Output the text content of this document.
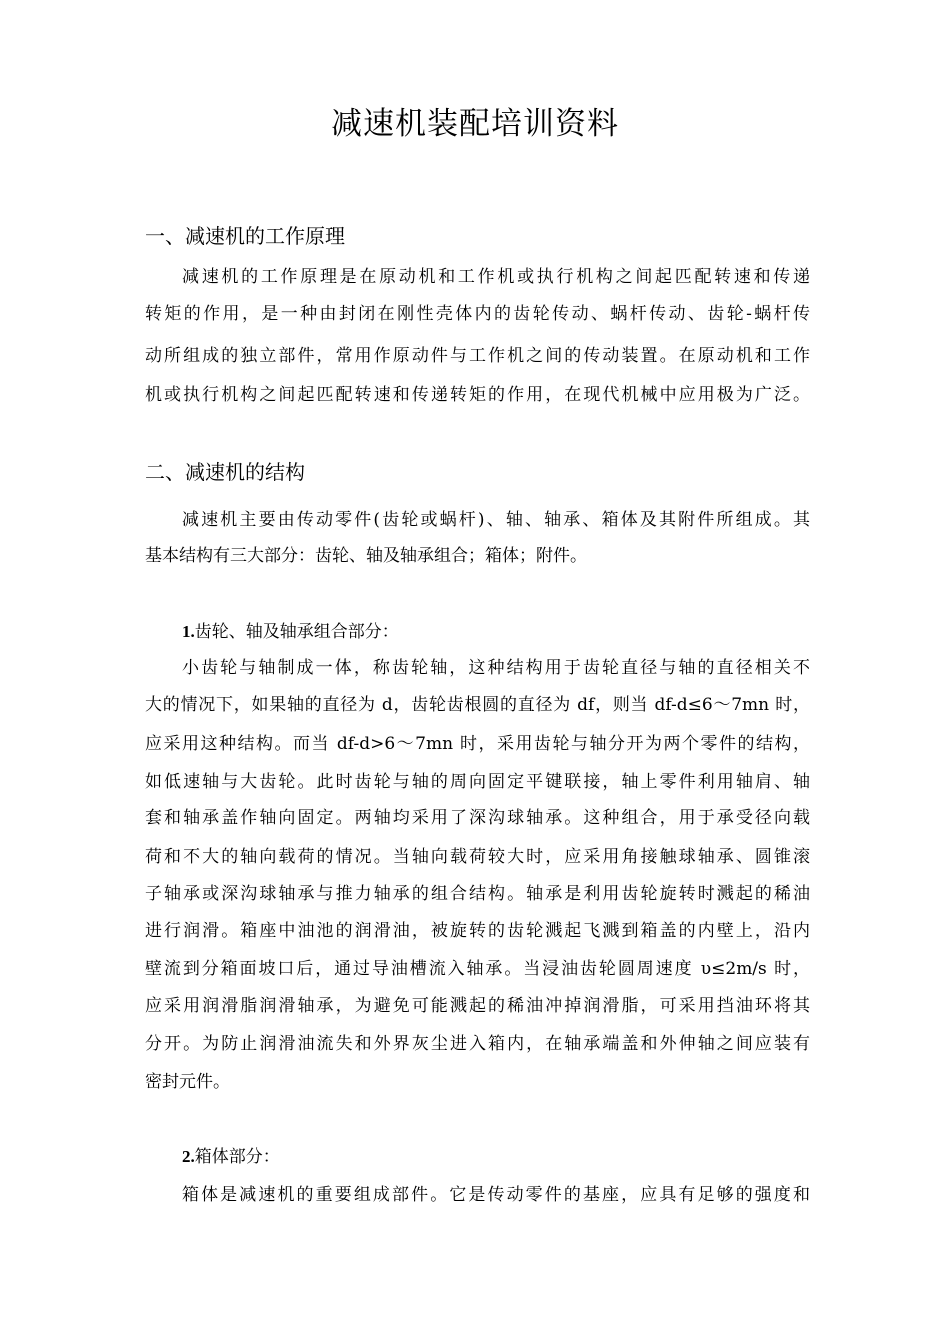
减速机装配培训资料
一、减速机的工作原理
减速机的工作原理是在原动机和工作机或执行机构之间起匹配转速和传递
转矩的作用，是一种由封闭在刚性壳体内的齿轮传动、蜗杆传动、齿轮-蜗杆传
动所组成的独立部件，常用作原动件与工作机之间的传动装置。在原动机和工作
机或执行机构之间起匹配转速和传递转矩的作用，在现代机械中应用极为广泛。
二、减速机的结构
减速机主要由传动零件(齿轮或蜗杆)、轴、轴承、箱体及其附件所组成。其
基本结构有三大部分：齿轮、轴及轴承组合；箱体；附件。
1.齿轮、轴及轴承组合部分：
小齿轮与轴制成一体，称齿轮轴，这种结构用于齿轮直径与轴的直径相关不
大的情况下，如果轴的直径为 d，齿轮齿根圆的直径为 df，则当 df-d≤6～7mn 时，
应采用这种结构。而当 df-d>6～7mn 时，采用齿轮与轴分开为两个零件的结构，
如低速轴与大齿轮。此时齿轮与轴的周向固定平键联接，轴上零件利用轴肩、轴
套和轴承盖作轴向固定。两轴均采用了深沟球轴承。这种组合，用于承受径向载
荷和不大的轴向载荷的情况。当轴向载荷较大时，应采用角接触球轴承、圆锥滚
子轴承或深沟球轴承与推力轴承的组合结构。轴承是利用齿轮旋转时溅起的稀油
进行润滑。箱座中油池的润滑油，被旋转的齿轮溅起飞溅到箱盖的内壁上，沿内
壁流到分箱面坡口后，通过导油槽流入轴承。当浸油齿轮圆周速度 υ≤2m/s 时，
应采用润滑脂润滑轴承，为避免可能溅起的稀油冲掉润滑脂，可采用挡油环将其
分开。为防止润滑油流失和外界灰尘进入箱内，在轴承端盖和外伸轴之间应装有
密封元件。
2.箱体部分：
箱体是减速机的重要组成部件。它是传动零件的基座，应具有足够的强度和
